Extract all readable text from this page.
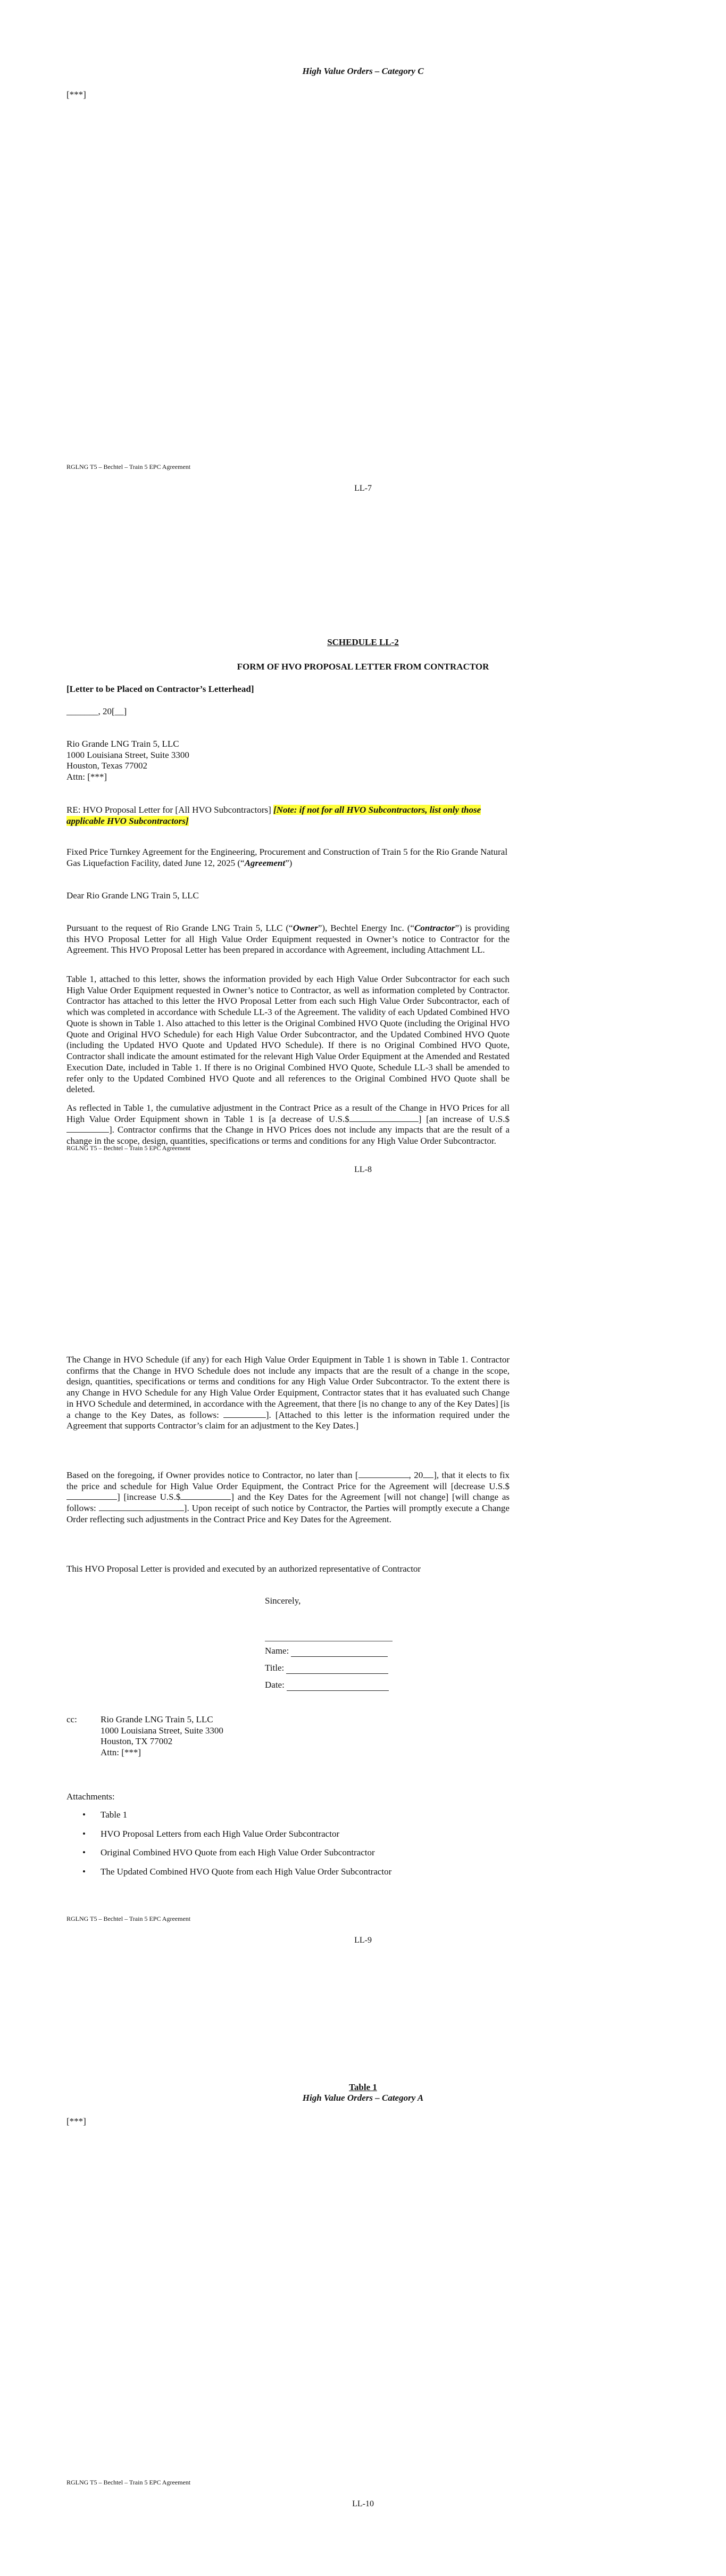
High Value Orders – Category C
[***]
RGLNG T5 – Bechtel – Train 5 EPC Agreement
LL-7
SCHEDULE LL-2
FORM OF HVO PROPOSAL LETTER FROM CONTRACTOR
[Letter to be Placed on Contractor’s Letterhead]
_______, 20[__]
Rio Grande LNG Train 5, LLC
1000 Louisiana Street, Suite 3300
Houston, Texas 77002
Attn: [***]
RE: HVO Proposal Letter for [All HVO Subcontractors] [Note: if not for all HVO Subcontractors, list only those applicable HVO Subcontractors]
Fixed Price Turnkey Agreement for the Engineering, Procurement and Construction of Train 5 for the Rio Grande Natural Gas Liquefaction Facility, dated June 12, 2025 (“Agreement”)
Dear Rio Grande LNG Train 5, LLC
Pursuant to the request of Rio Grande LNG Train 5, LLC (“Owner”), Bechtel Energy Inc. (“Contractor”) is providing this HVO Proposal Letter for all High Value Order Equipment requested in Owner’s notice to Contractor for the Agreement. This HVO Proposal Letter has been prepared in accordance with Agreement, including Attachment LL.
Table 1, attached to this letter, shows the information provided by each High Value Order Subcontractor for each such High Value Order Equipment requested in Owner’s notice to Contractor, as well as information completed by Contractor. Contractor has attached to this letter the HVO Proposal Letter from each such High Value Order Subcontractor, each of which was completed in accordance with Schedule LL-3 of the Agreement. The validity of each Updated Combined HVO Quote is shown in Table 1. Also attached to this letter is the Original Combined HVO Quote (including the Original HVO Quote and Original HVO Schedule) for each High Value Order Subcontractor, and the Updated Combined HVO Quote (including the Updated HVO Quote and Updated HVO Schedule). If there is no Original Combined HVO Quote, Contractor shall indicate the amount estimated for the relevant High Value Order Equipment at the Amended and Restated Execution Date, included in Table 1. If there is no Original Combined HVO Quote, Schedule LL-3 shall be amended to refer only to the Updated Combined HVO Quote and all references to the Original Combined HVO Quote shall be deleted.
As reflected in Table 1, the cumulative adjustment in the Contract Price as a result of the Change in HVO Prices for all High Value Order Equipment shown in Table 1 is [a decrease of U.S.$	] [an increase of U.S.$]. Contractor confirms that the Change in HVO Prices does not include any impacts that are the result of a change in the scope, design, quantities, specifications or terms and conditions for any High Value Order Subcontractor.
RGLNG T5 – Bechtel – Train 5 EPC Agreement
LL-8
The Change in HVO Schedule (if any) for each High Value Order Equipment in Table 1 is shown in Table 1. Contractor confirms that the Change in HVO Schedule does not include any impacts that are the result of a change in the scope, design, quantities, specifications or terms and conditions for any High Value Order Subcontractor. To the extent there is any Change in HVO Schedule for any High Value Order Equipment, Contractor states that it has evaluated such Change in HVO Schedule and determined, in accordance with the Agreement, that there [is no change to any of the Key Dates] [is a change to the Key Dates, as follows:	]. [Attached to this letter is the information required under the Agreement that supports Contractor’s claim for an adjustment to the Key Dates.]
Based on the foregoing, if Owner provides notice to Contractor, no later than [	, 20 ], that it elects to fix the price and schedule for High Value Order Equipment, the Contract Price for the Agreement will [decrease U.S.$] [increase U.S.$	] and the Key Dates for the Agreement [will not change] [will change as follows:	]. Upon receipt of such notice by Contractor, the Parties will promptly execute a Change Order reflecting such adjustments in the Contract Price and Key Dates for the Agreement.
This HVO Proposal Letter is provided and executed by an authorized representative of Contractor
Sincerely,
Name:
Title:
Date:
cc:	Rio Grande LNG Train 5, LLC
1000 Louisiana Street, Suite 3300
Houston, TX 77002
Attn: [***]
Attachments:
• Table 1
• HVO Proposal Letters from each High Value Order Subcontractor
• Original Combined HVO Quote from each High Value Order Subcontractor
• The Updated Combined HVO Quote from each High Value Order Subcontractor
RGLNG T5 – Bechtel – Train 5 EPC Agreement
LL-9
Table 1
High Value Orders – Category A
[***]
RGLNG T5 – Bechtel – Train 5 EPC Agreement
LL-10
